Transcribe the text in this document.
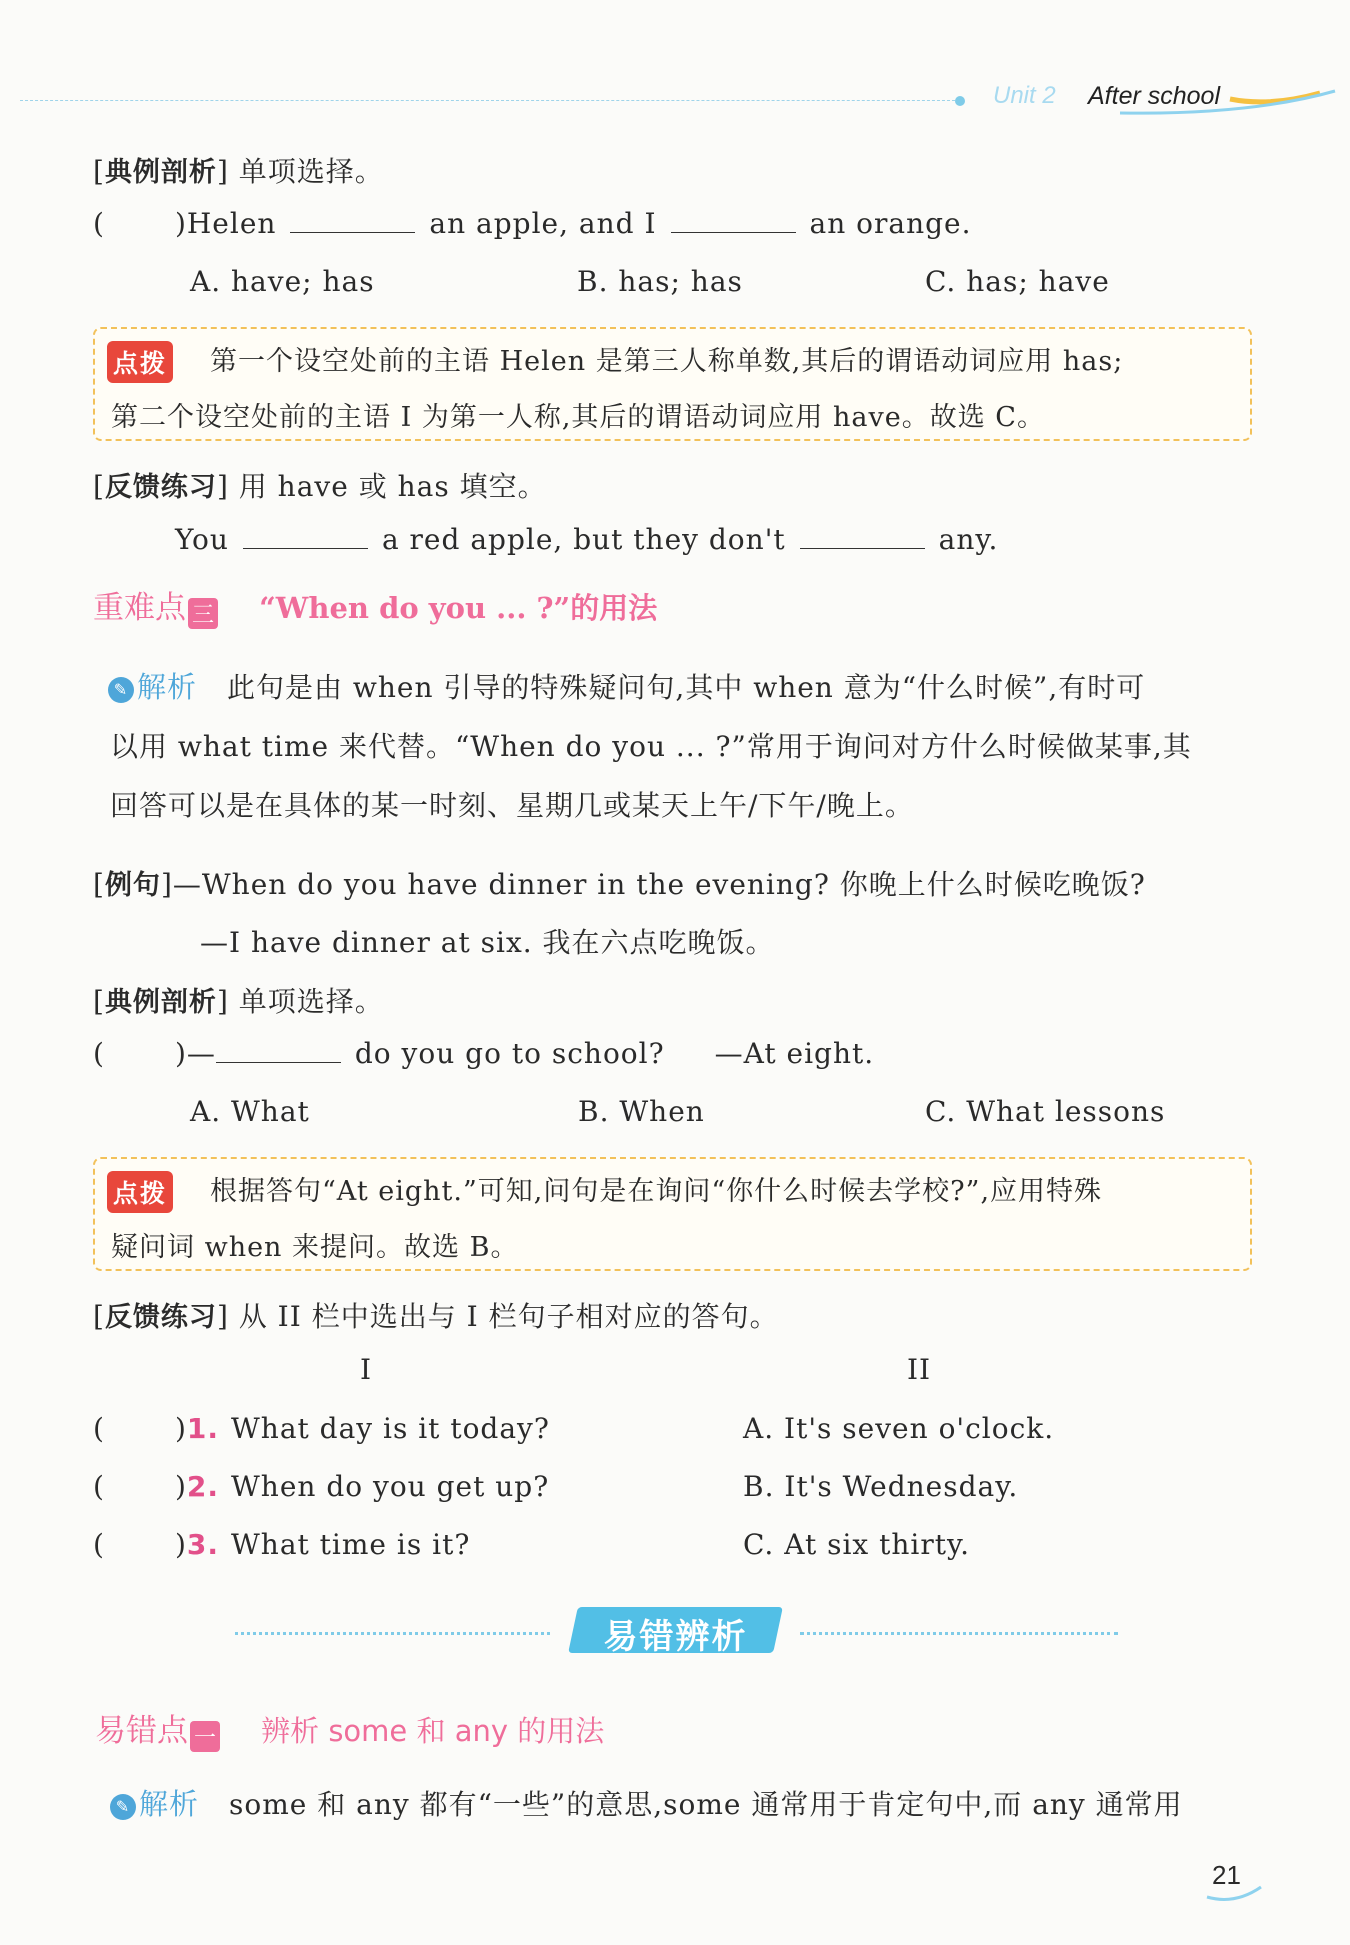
Unit 2 After school
[典例剖析] 单项选择。
(	)Helen	an apple, and I	an orange.
A. have; has	B. has; has	C. has; have
点拨 第一个设空处前的主语 Helen 是第三人称单数,其后的谓语动词应用 has;
第二个设空处前的主语 I 为第一人称,其后的谓语动词应用 have。故选 C。
[反馈练习] 用 have 或 has 填空。
You	a red apple, but they don't	any.
重难点 三 “When do you ... ?”的用法
✎ 解析 此句是由 when 引导的特殊疑问句,其中 when 意为“什么时候”,有时可
以用 what time 来代替。“When do you ... ?”常用于询问对方什么时候做某事,其
回答可以是在具体的某一时刻、星期几或某天上午/下午/晚上。
[例句]—When do you have dinner in the evening? 你晚上什么时候吃晚饭?
—I have dinner at six. 我在六点吃晚饭。
[典例剖析] 单项选择。
(	)—	do you go to school? —At eight.
A. What	B. When	C. What lessons
点拨 根据答句“At eight.”可知,问句是在询问“你什么时候去学校?”,应用特殊
疑问词 when 来提问。故选 B。
[反馈练习] 从 II 栏中选出与 I 栏句子相对应的答句。
I	II
(	)1. What day is it today?	A. It's seven o'clock.
(	)2. When do you get up?	B. It's Wednesday.
(	)3. What time is it?	C. At six thirty.
易错辨析
易错点 一 辨析 some 和 any 的用法
✎ 解析 some 和 any 都有“一些”的意思,some 通常用于肯定句中,而 any 通常用
21
